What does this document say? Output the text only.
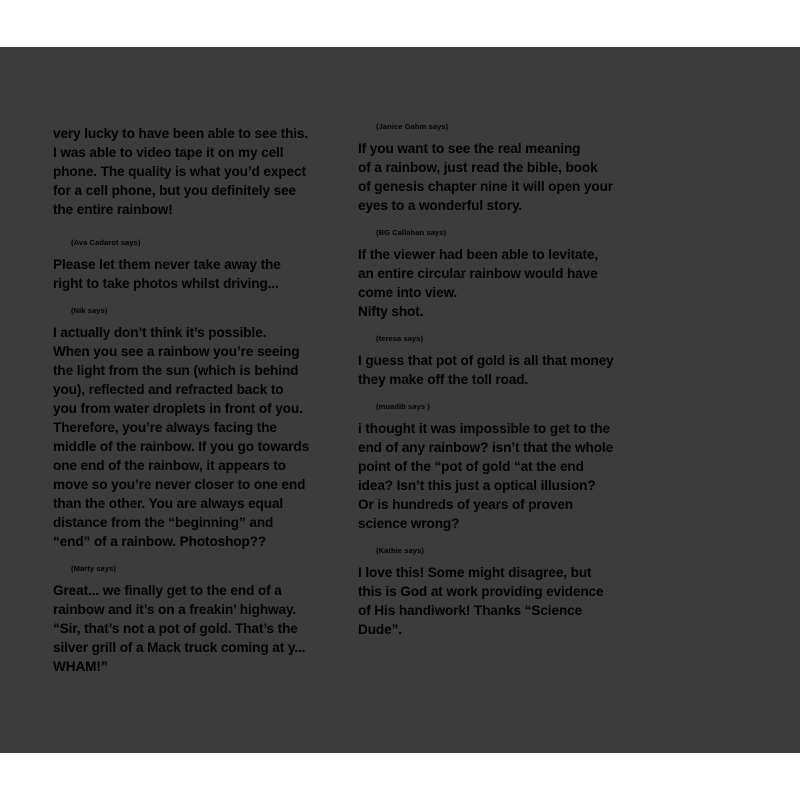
very lucky to have been able to see this.
I was able to video tape it on my cell
phone. The quality is what you’d expect
for a cell phone, but you definitely see
the entire rainbow!
(Ava Cadarot says)
Please let them never take away the
right to take photos whilst driving...
(Nik says)
I actually don’t think it’s possible.
When you see a rainbow you’re seeing
the light from the sun (which is behind
you), reflected and refracted back to
you from water droplets in front of you.
Therefore, you’re always facing the
middle of the rainbow. If you go towards
one end of the rainbow, it appears to
move so you’re never closer to one end
than the other. You are always equal
distance from the “beginning” and
“end” of a rainbow. Photoshop??
(Marty says)
Great... we finally get to the end of a
rainbow and it’s on a freakin’ highway.
“Sir, that’s not a pot of gold. That’s the
silver grill of a Mack truck coming at y...
WHAM!”
(Janice Gahm says)
If you want to see the real meaning
of a rainbow, just read the bible, book
of genesis chapter nine it will open your
eyes to a wonderful story.
(BG Callahan says)
If the viewer had been able to levitate,
an entire circular rainbow would have
come into view.
Nifty shot.
(teresa says)
I guess that pot of gold is all that money
they make off the toll road.
(muadib says )
i thought it was impossible to get to the
end of any rainbow? isn’t that the whole
point of the “pot of gold “at the end
idea? Isn’t this just a optical illusion?
Or is hundreds of years of proven
science wrong?
(Kathie says)
I love this! Some might disagree, but
this is God at work providing evidence
of His handiwork! Thanks “Science
Dude”.
